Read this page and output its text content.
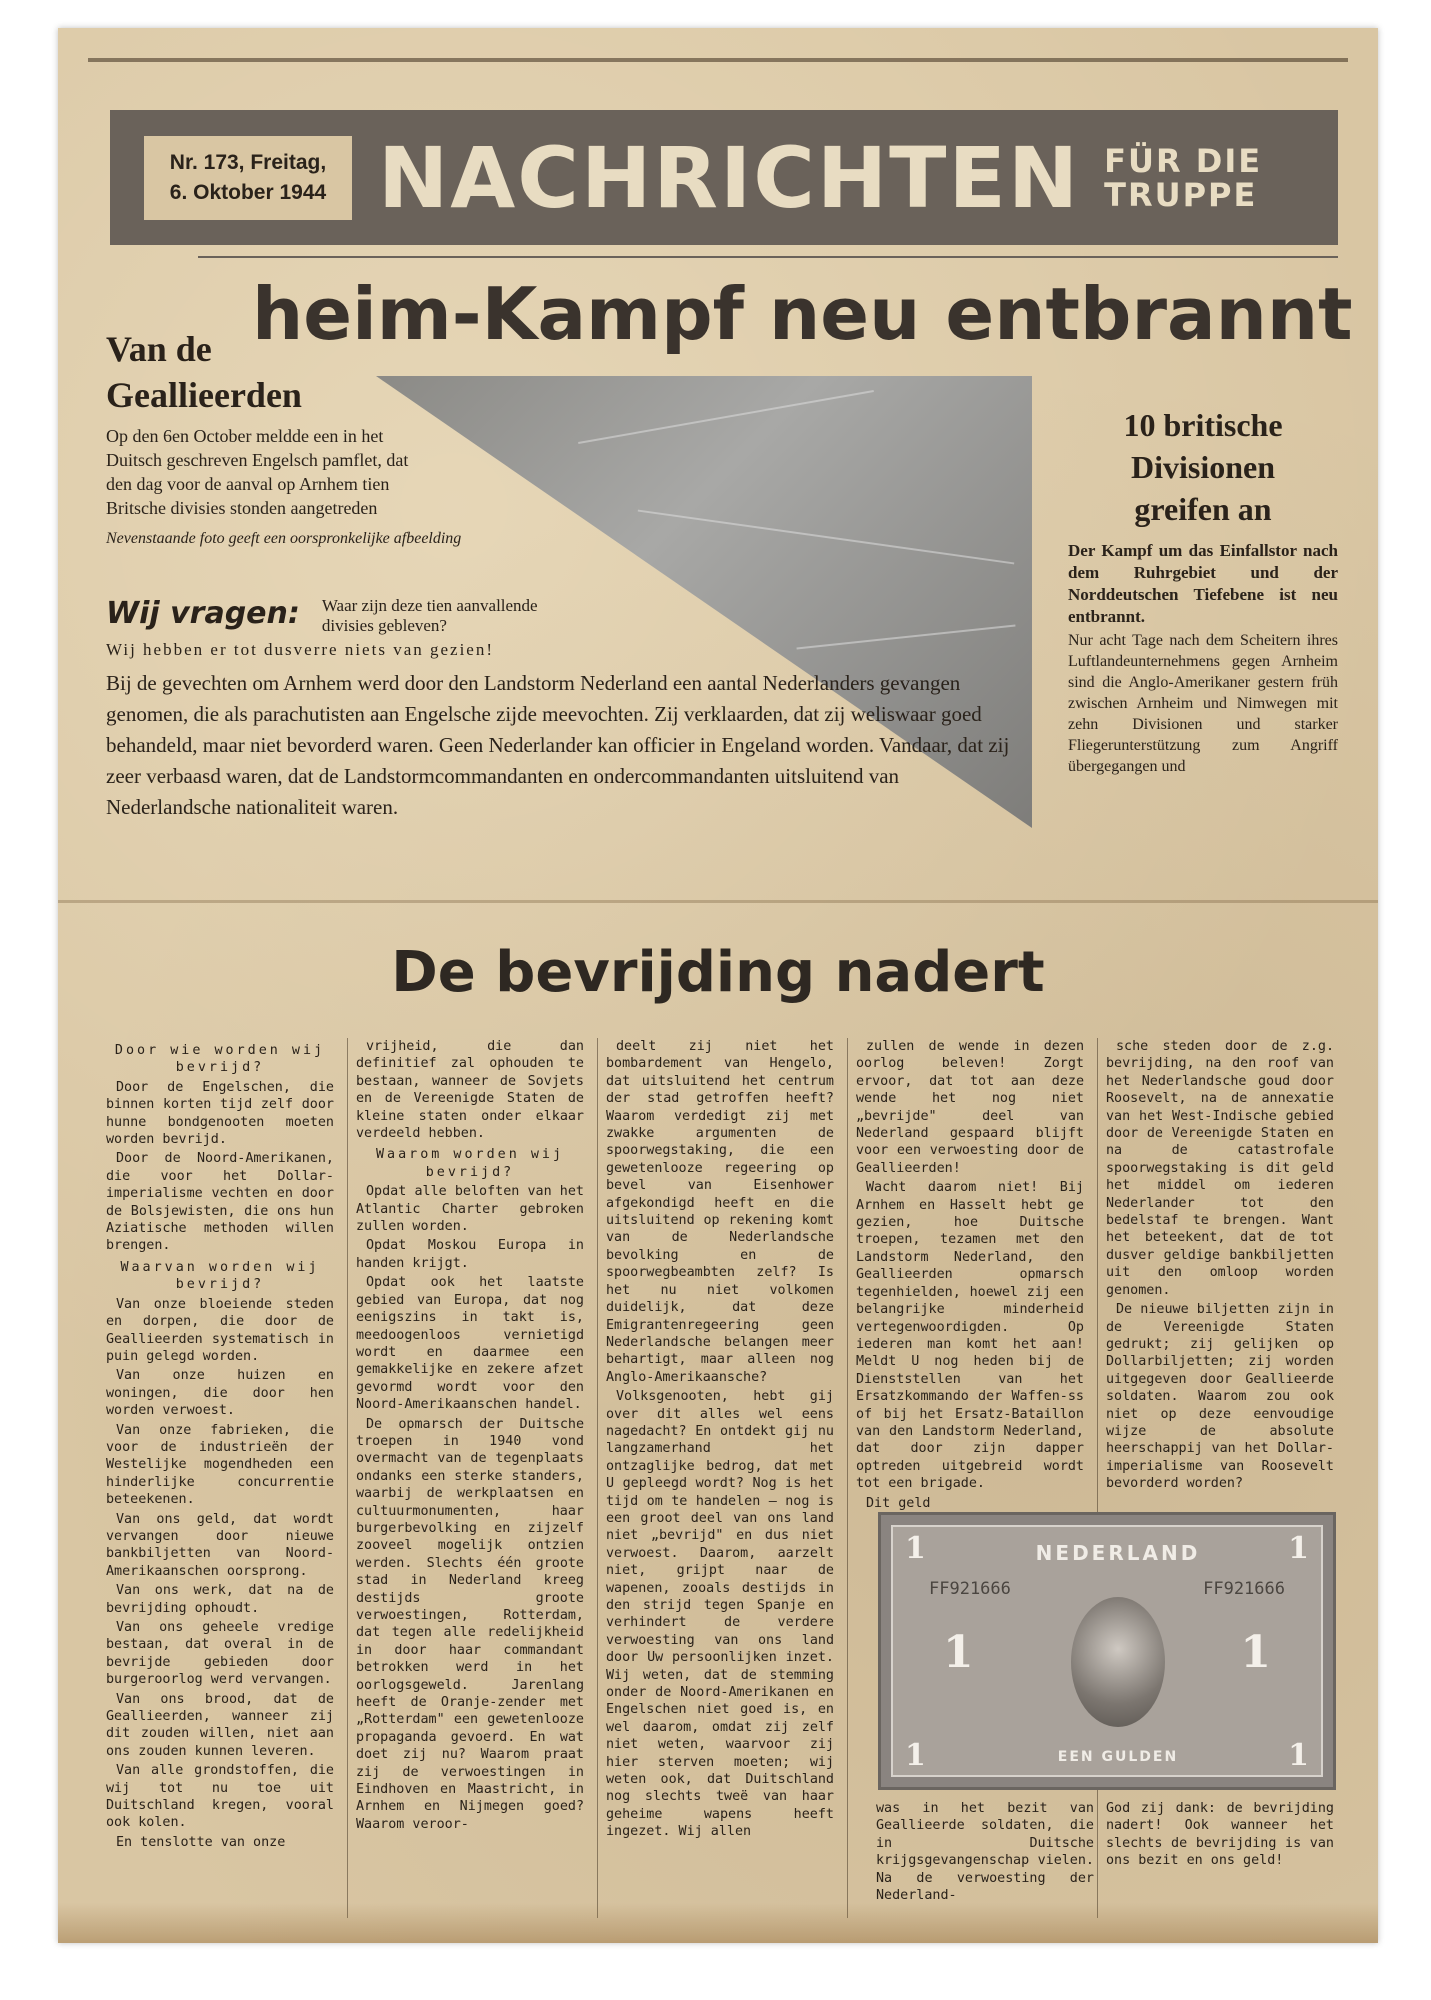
Nr. 173, Freitag,
6. Oktober 1944 NACHRICHTEN FÜR DIE
TRUPPE
heim-Kampf neu entbrannt
Van de
Geallieerden
Op den 6en October meldde een in het Duitsch geschreven Engelsch pamflet, dat den dag voor de aanval op Arnhem tien Britsche divisies stonden aangetreden
Nevenstaande foto geeft een oorspronkelijke afbeelding
Wij vragen: Waar zijn deze tien aanvallende divisies gebleven?
Wij hebben er tot dusverre niets van gezien!
Bij de gevechten om Arnhem werd door den Landstorm Nederland een aantal Nederlanders gevangen genomen, die als parachutisten aan Engelsche zijde meevochten. Zij verklaarden, dat zij weliswaar goed behandeld, maar niet bevorderd waren. Geen Nederlander kan officier in Engeland worden. Vandaar, dat zij zeer verbaasd waren, dat de Landstormcommandanten en ondercommandanten uitsluitend van Nederlandsche nationaliteit waren.
10 britische
Divisionen
greifen an
Der Kampf um das Einfallstor nach dem Ruhrgebiet und der Norddeutschen Tiefebene ist neu entbrannt.
Nur acht Tage nach dem Scheitern ihres Luftlandeunternehmens gegen Arnheim sind die Anglo-Amerikaner gestern früh zwischen Arnheim und Nimwegen mit zehn Divisionen und starker Fliegerunterstützung zum Angriff übergegangen und
De bevrijding nadert

Door wie worden wij bevrijd?

Door de Engelschen, die binnen korten tijd zelf door hunne bondgenooten moeten worden bevrijd.

Door de Noord-Amerikanen, die voor het Dollar-imperialisme vechten en door de Bolsjewisten, die ons hun Aziatische methoden willen brengen.

Waarvan worden wij bevrijd?

Van onze bloeiende steden en dorpen, die door de Geallieerden systematisch in puin gelegd worden.

Van onze huizen en woningen, die door hen worden verwoest.

Van onze fabrieken, die voor de industrieën der Westelijke mogendheden een hinderlijke concurrentie beteekenen.

Van ons geld, dat wordt vervangen door nieuwe bankbiljetten van Noord-Amerikaanschen oorsprong.

Van ons werk, dat na de bevrijding ophoudt.

Van ons geheele vredige bestaan, dat overal in de bevrijde gebieden door burgeroorlog werd vervangen.

Van ons brood, dat de Geallieerden, wanneer zij dit zouden willen, niet aan ons zouden kunnen leveren.

Van alle grondstoffen, die wij tot nu toe uit Duitschland kregen, vooral ook kolen.

En tenslotte van onze

vrijheid, die dan definitief zal ophouden te bestaan, wanneer de Sovjets en de Vereenigde Staten de kleine staten onder elkaar verdeeld hebben.

Waarom worden wij bevrijd?

Opdat alle beloften van het Atlantic Charter gebroken zullen worden.

Opdat Moskou Europa in handen krijgt.

Opdat ook het laatste gebied van Europa, dat nog eenigszins in takt is, meedoogenloos vernietigd wordt en daarmee een gemakkelijke en zekere afzet gevormd wordt voor den Noord-Amerikaanschen handel.

De opmarsch der Duitsche troepen in 1940 vond overmacht van de tegenplaats ondanks een sterke standers, waarbij de werkplaatsen en cultuurmonumenten, haar burgerbevolking en zijzelf zooveel mogelijk ontzien werden. Slechts één groote stad in Nederland kreeg destijds groote verwoestingen, Rotterdam, dat tegen alle redelijkheid in door haar commandant betrokken werd in het oorlogsgeweld. Jarenlang heeft de Oranje-zender met „Rotterdam" een gewetenlooze propaganda gevoerd. En wat doet zij nu? Waarom praat zij de verwoestingen in Eindhoven en Maastricht, in Arnhem en Nijmegen goed? Waarom veroor-

deelt zij niet het bombardement van Hengelo, dat uitsluitend het centrum der stad getroffen heeft? Waarom verdedigt zij met zwakke argumenten de spoorwegstaking, die een gewetenlooze regeering op bevel van Eisenhower afgekondigd heeft en die uitsluitend op rekening komt van de Nederlandsche bevolking en de spoorwegbeambten zelf? Is het nu niet volkomen duidelijk, dat deze Emigrantenregeering geen Nederlandsche belangen meer behartigt, maar alleen nog Anglo-Amerikaansche?

Volksgenooten, hebt gij over dit alles wel eens nagedacht? En ontdekt gij nu langzamerhand het ontzaglijke bedrog, dat met U gepleegd wordt? Nog is het tijd om te handelen — nog is een groot deel van ons land niet „bevrijd" en dus niet verwoest. Daarom, aarzelt niet, grijpt naar de wapenen, zooals destijds in den strijd tegen Spanje en verhindert de verdere verwoesting van ons land door Uw persoonlijken inzet. Wij weten, dat de stemming onder de Noord-Amerikanen en Engelschen niet goed is, en wel daarom, omdat zij zelf niet weten, waarvoor zij hier sterven moeten; wij weten ook, dat Duitschland nog slechts tweë van haar geheime wapens heeft ingezet. Wij allen

zullen de wende in dezen oorlog beleven! Zorgt ervoor, dat tot aan deze wende het nog niet „bevrijde" deel van Nederland gespaard blijft voor een verwoesting door de Geallieerden!

Wacht daarom niet! Bij Arnhem en Hasselt hebt ge gezien, hoe Duitsche troepen, tezamen met den Landstorm Nederland, den Geallieerden opmarsch tegenhielden, hoewel zij een belangrijke minderheid vertegenwoordigden. Op iederen man komt het aan! Meldt U nog heden bij de Dienststellen van het Ersatzkommando der Waffen-ss of bij het Ersatz-Bataillon van den Landstorm Nederland, dat door zijn dapper optreden uitgebreid wordt tot een brigade.

Dit geld

sche steden door de z.g. bevrijding, na den roof van het Nederlandsche goud door Roosevelt, na de annexatie van het West-Indische gebied door de Vereenigde Staten en na de catastrofale spoorwegstaking is dit geld het middel om iederen Nederlander tot den bedelstaf te brengen. Want het beteekent, dat de tot dusver geldige bankbiljetten uit den omloop worden genomen.

De nieuwe biljetten zijn in de Vereenigde Staten gedrukt; zij gelijken op Dollarbiljetten; zij worden uitgegeven door Geallieerde soldaten. Waarom zou ook niet op deze eenvoudige wijze de absolute heerschappij van het Dollar-imperialisme van Roosevelt bevorderd worden?

was in het bezit van Geallieerde soldaten, die in Duitsche krijgsgevangenschap vielen. Na de verwoesting der Nederland-

God zij dank: de bevrijding nadert! Ook wanneer het slechts de bevrijding is van ons bezit en ons geld!

1	1
NEDERLAND
FF921666	FF921666
1	1
EEN GULDEN
1	1
